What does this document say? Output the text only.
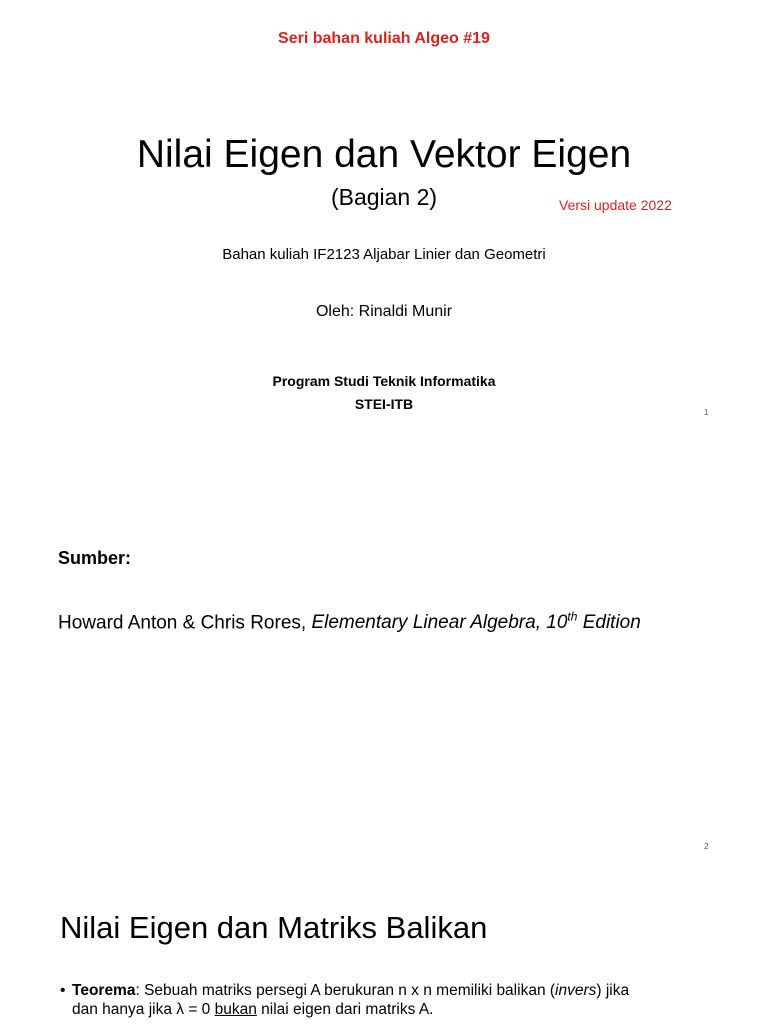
Seri bahan kuliah Algeo #19
Nilai Eigen dan Vektor Eigen
(Bagian 2)	Versi update 2022
Bahan kuliah IF2123 Aljabar Linier dan Geometri
Oleh: Rinaldi Munir
Program Studi Teknik Informatika
STEI-ITB
1
Sumber:
Howard Anton & Chris Rores, Elementary Linear Algebra, 10th Edition
2
Nilai Eigen dan Matriks Balikan
• Teorema: Sebuah matriks persegi A berukuran n x n memiliki balikan (invers) jika
dan hanya jika λ = 0 bukan nilai eigen dari matriks A.
